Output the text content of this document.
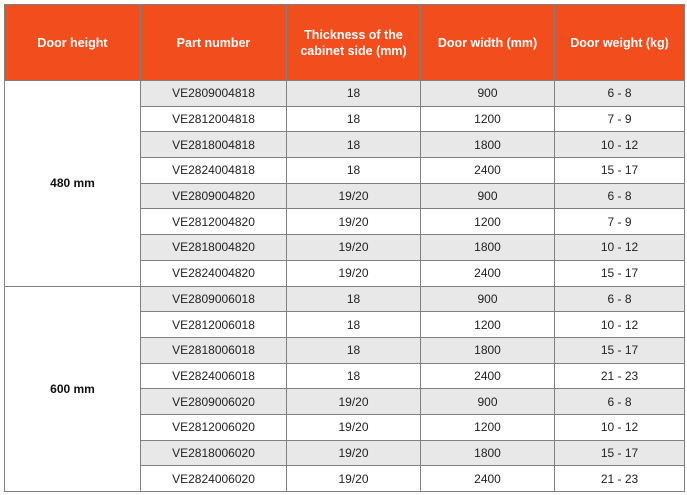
Door height	Part number	Thickness of the cabinet side (mm)	Door width (mm)	Door weight (kg)
480 mm	VE2809004818	18	900	6 - 8
	VE2812004818	18	1200	7 - 9
	VE2818004818	18	1800	10 - 12
	VE2824004818	18	2400	15 - 17
	VE2809004820	19/20	900	6 - 8
	VE2812004820	19/20	1200	7 - 9
	VE2818004820	19/20	1800	10 - 12
	VE2824004820	19/20	2400	15 - 17
600 mm	VE2809006018	18	900	6 - 8
	VE2812006018	18	1200	10 - 12
	VE2818006018	18	1800	15 - 17
	VE2824006018	18	2400	21 - 23
	VE2809006020	19/20	900	6 - 8
	VE2812006020	19/20	1200	10 - 12
	VE2818006020	19/20	1800	15 - 17
	VE2824006020	19/20	2400	21 - 23
